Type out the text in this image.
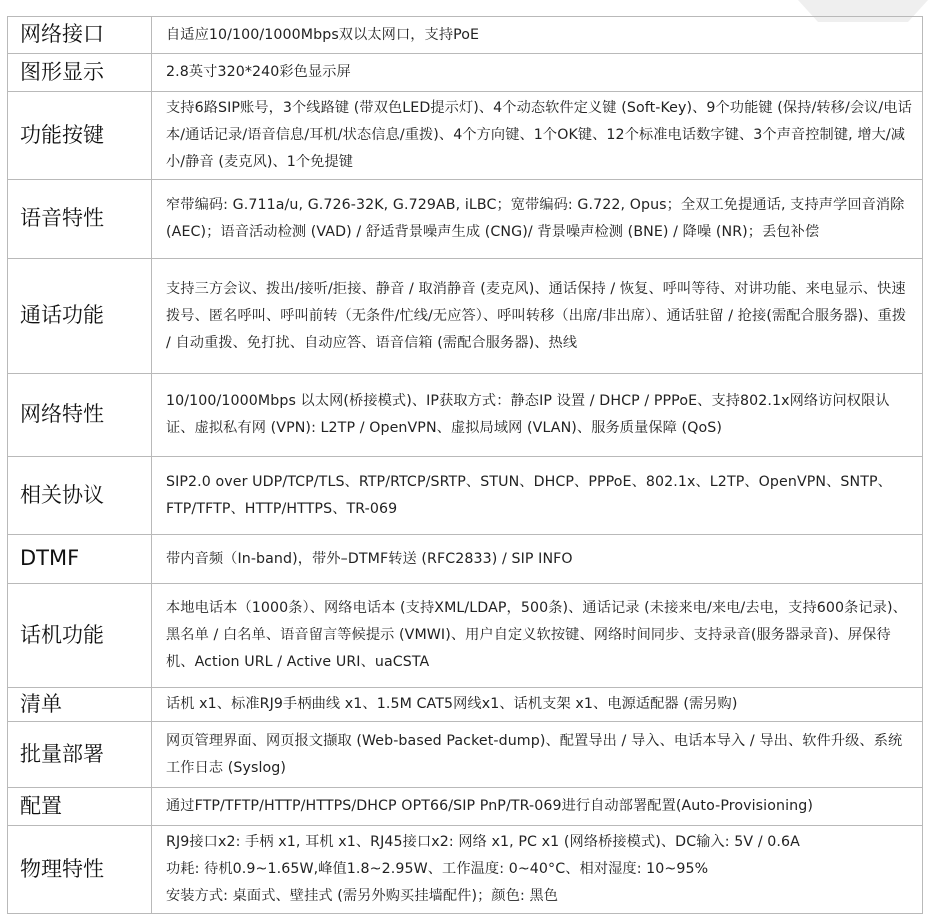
网络接口	自适应10/100/1000Mbps双以太网口，支持PoE
图形显示	2.8英寸320*240彩色显示屏
功能按键	支持6路SIP账号，3个线路键 (带双色LED提示灯)、4个动态软件定义键 (Soft-Key)、9个功能键 (保持/转移/会议/电话本/通话记录/语音信息/耳机/状态信息/重拨)、4个方向键、1个OK键、12个标准电话数字键、3个声音控制键, 增大/减小/静音 (麦克风)、1个免提键
语音特性	窄带编码: G.711a/u, G.726-32K, G.729AB, iLBC；宽带编码: G.722, Opus；全双工免提通话, 支持声学回音消除 (AEC)；语音活动检测 (VAD) / 舒适背景噪声生成 (CNG)/ 背景噪声检测 (BNE) / 降噪 (NR)；丢包补偿
通话功能	支持三方会议、拨出/接听/拒接、静音 / 取消静音 (麦克风)、通话保持 / 恢复、呼叫等待、对讲功能、来电显示、快速拨号、匿名呼叫、呼叫前转（无条件/忙线/无应答）、呼叫转移（出席/非出席）、通话驻留 / 抢接(需配合服务器)、重拨 / 自动重拨、免打扰、自动应答、语音信箱 (需配合服务器)、热线
网络特性	10/100/1000Mbps 以太网(桥接模式)、IP获取方式：静态IP 设置 / DHCP / PPPoE、支持802.1x网络访问权限认证、虚拟私有网 (VPN): L2TP / OpenVPN、虚拟局域网 (VLAN)、服务质量保障 (QoS)
相关协议	SIP2.0 over UDP/TCP/TLS、RTP/RTCP/SRTP、STUN、DHCP、PPPoE、802.1x、L2TP、OpenVPN、SNTP、FTP/TFTP、HTTP/HTTPS、TR-069
DTMF	带内音频（In-band)，带外–DTMF转送 (RFC2833) / SIP INFO
话机功能	本地电话本（1000条）、网络电话本 (支持XML/LDAP，500条)、通话记录 (未接来电/来电/去电，支持600条记录)、黑名单 / 白名单、语音留言等候提示 (VMWI)、用户自定义软按键、网络时间同步、支持录音(服务器录音)、屏保待机、Action URL / Active URI、uaCSTA
清单	话机 x1、标准RJ9手柄曲线 x1、1.5M CAT5网线x1、话机支架 x1、电源适配器 (需另购)
批量部署	网页管理界面、网页报文撷取 (Web-based Packet-dump)、配置导出 / 导入、电话本导入 / 导出、软件升级、系统工作日志 (Syslog)
配置	通过FTP/TFTP/HTTP/HTTPS/DHCP OPT66/SIP PnP/TR-069进行自动部署配置(Auto-Provisioning)
物理特性	RJ9接口x2: 手柄 x1, 耳机 x1、RJ45接口x2: 网络 x1, PC x1 (网络桥接模式)、DC输入: 5V / 0.6A
功耗: 待机0.9~1.65W,峰值1.8~2.95W、工作温度: 0~40°C、相对湿度: 10~95%
安装方式: 桌面式、壁挂式 (需另外购买挂墙配件)；颜色: 黑色
